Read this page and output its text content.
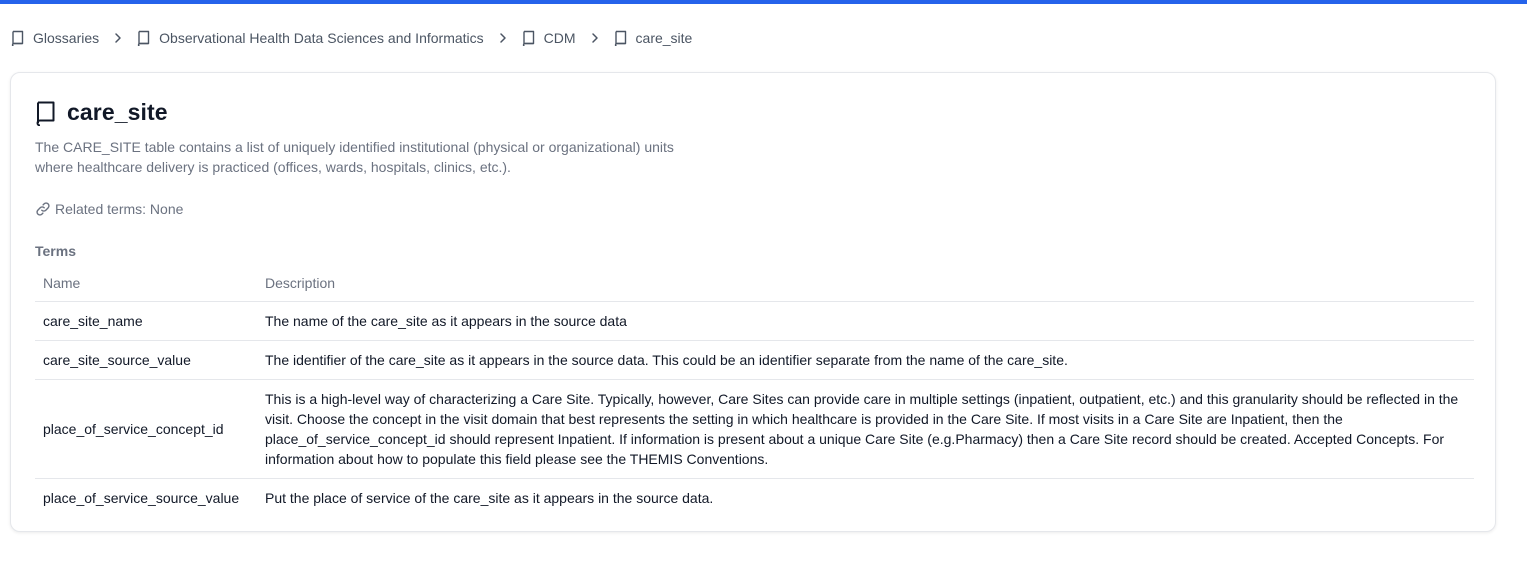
Glossaries	Observational Health Data Sciences and Informatics	CDM	care_site
care_site

The CARE_SITE table contains a list of uniquely identified institutional (physical or organizational) units where healthcare delivery is practiced (offices, wards, hospitals, clinics, etc.).

Related terms: None
Terms
Name	Description
care_site_name	The name of the care_site as it appears in the source data
care_site_source_value	The identifier of the care_site as it appears in the source data. This could be an identifier separate from the name of the care_site.
place_of_service_concept_id	This is a high-level way of characterizing a Care Site. Typically, however, Care Sites can provide care in multiple settings (inpatient, outpatient, etc.) and this granularity should be reflected in the visit. Choose the concept in the visit domain that best represents the setting in which healthcare is provided in the Care Site. If most visits in a Care Site are Inpatient, then the place_of_service_concept_id should represent Inpatient. If information is present about a unique Care Site (e.g.Pharmacy) then a Care Site record should be created. Accepted Concepts. For information about how to populate this field please see the THEMIS Conventions.
place_of_service_source_value	Put the place of service of the care_site as it appears in the source data.
